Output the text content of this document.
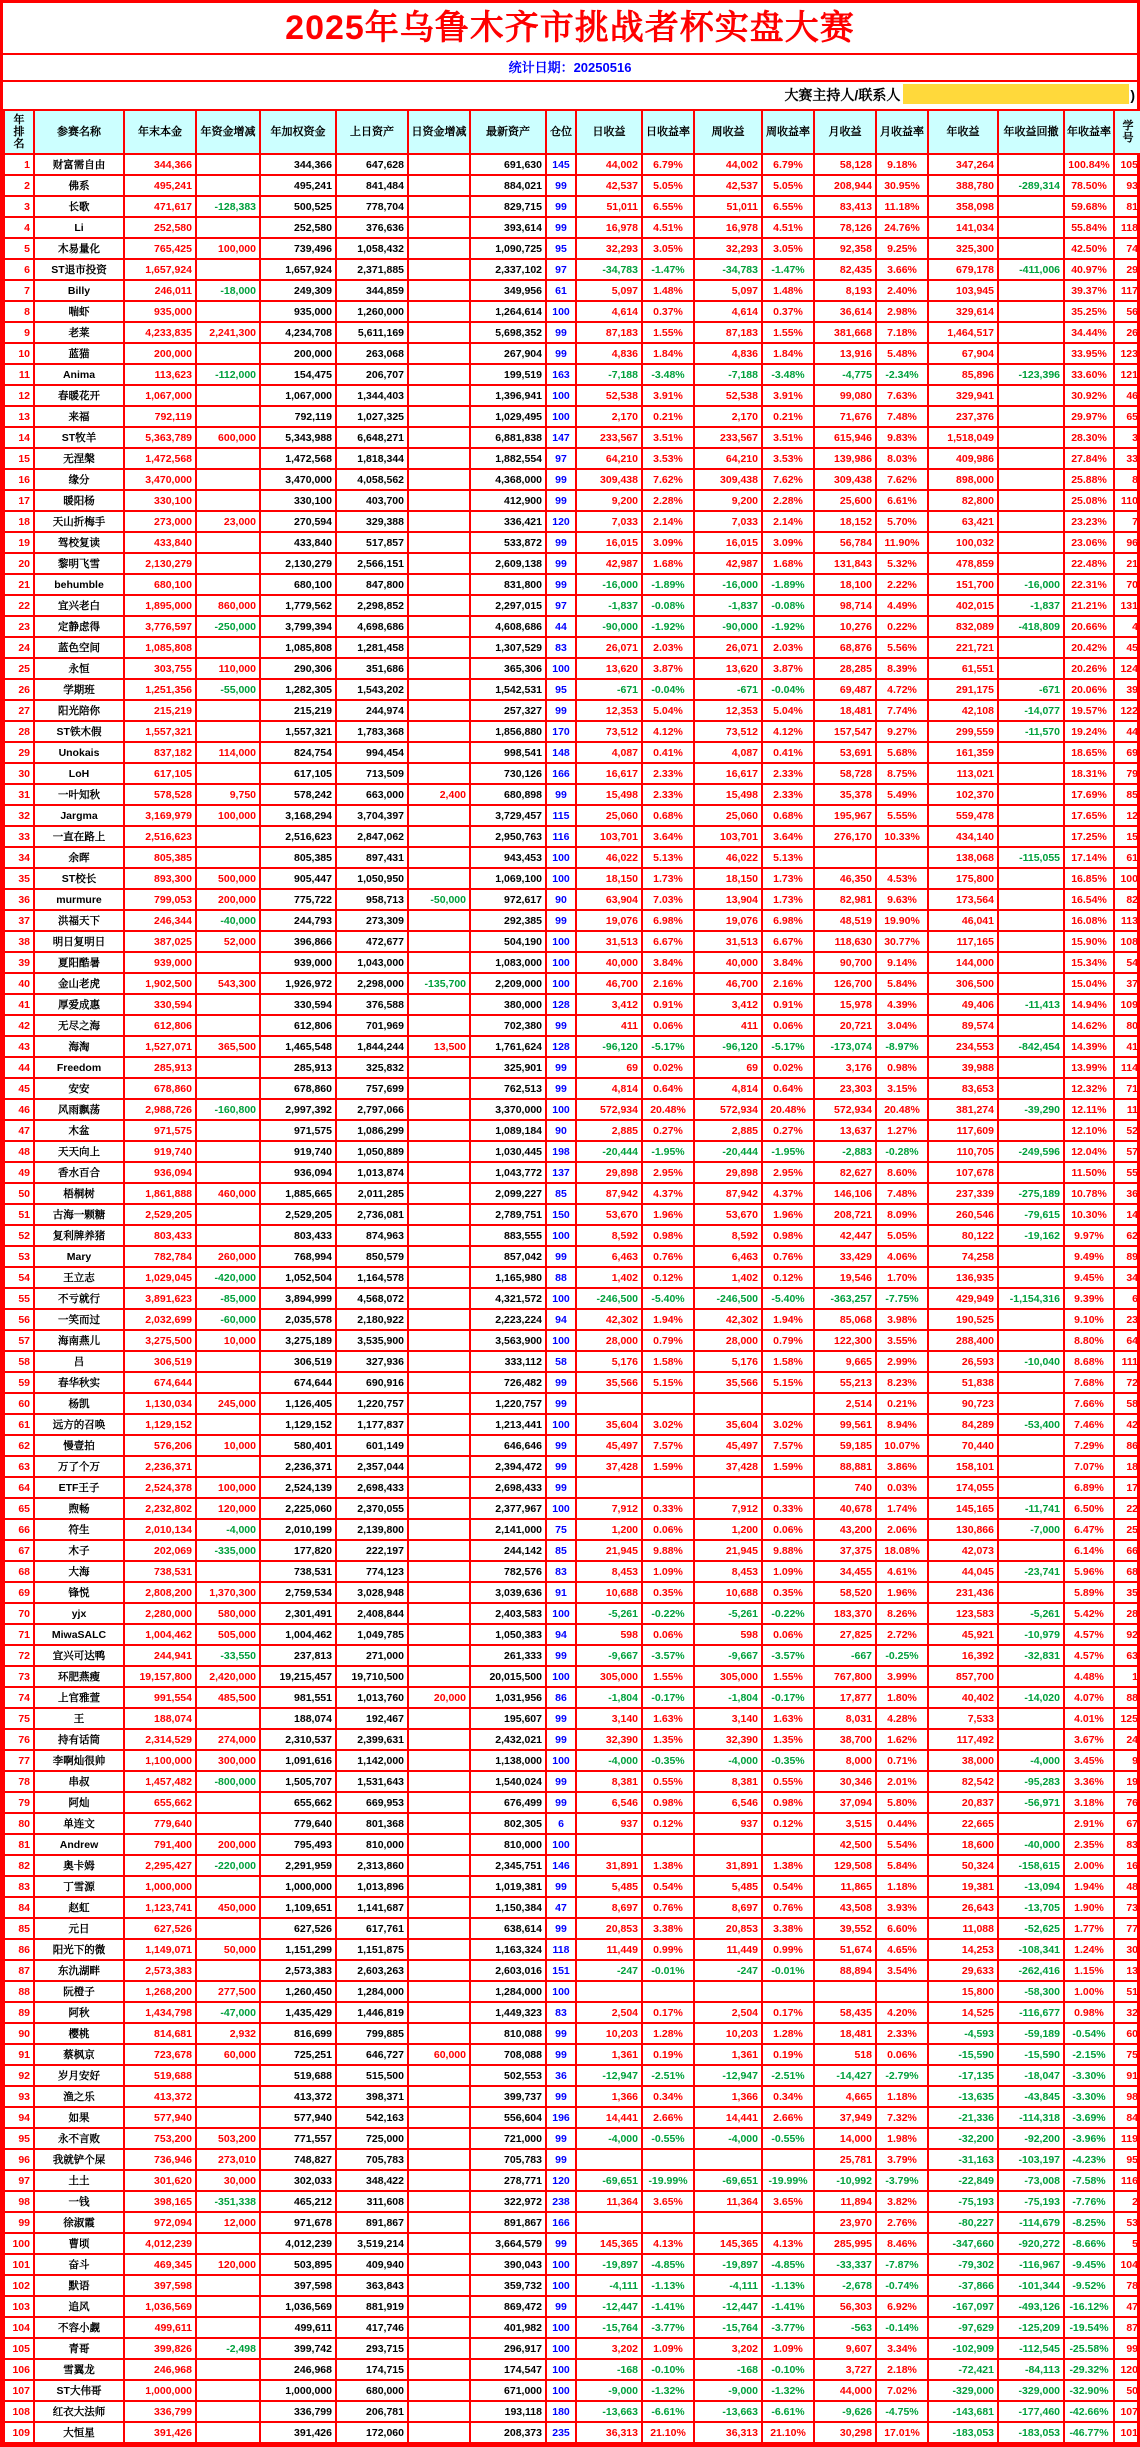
2025年乌鲁木齐市挑战者杯实盘大赛
统计日期：20250516
大赛主持人/联系人	)
年排名	参赛名称	年末本金	年资金增减	年加权资金	上日资产	日资金增减	最新资产	仓位	日收益	日收益率	周收益	周收益率	月收益	月收益率	年收益	年收益回撤	年收益率	学号
1	财富需自由	344,366		344,366	647,628		691,630	145	44,002	6.79%	44,002	6.79%	58,128	9.18%	347,264		100.84%	105
2	佛系	495,241		495,241	841,484		884,021	99	42,537	5.05%	42,537	5.05%	208,944	30.95%	388,780	-289,314	78.50%	93
3	长歌	471,617	-128,383	500,525	778,704		829,715	99	51,011	6.55%	51,011	6.55%	83,413	11.18%	358,098		59.68%	81
4	Li	252,580		252,580	376,636		393,614	99	16,978	4.51%	16,978	4.51%	78,126	24.76%	141,034		55.84%	118
5	木易量化	765,425	100,000	739,496	1,058,432		1,090,725	95	32,293	3.05%	32,293	3.05%	92,358	9.25%	325,300		42.50%	74
6	ST退市投资	1,657,924		1,657,924	2,371,885		2,337,102	97	-34,783	-1.47%	-34,783	-1.47%	82,435	3.66%	679,178	-411,006	40.97%	29
7	Billy	246,011	-18,000	249,309	344,859		349,956	61	5,097	1.48%	5,097	1.48%	8,193	2.40%	103,945		39.37%	117
8	喘虾	935,000		935,000	1,260,000		1,264,614	100	4,614	0.37%	4,614	0.37%	36,614	2.98%	329,614		35.25%	56
9	老莱	4,233,835	2,241,300	4,234,708	5,611,169		5,698,352	99	87,183	1.55%	87,183	1.55%	381,668	7.18%	1,464,517		34.44%	26
10	蓝猫	200,000		200,000	263,068		267,904	99	4,836	1.84%	4,836	1.84%	13,916	5.48%	67,904		33.95%	123
11	Anima	113,623	-112,000	154,475	206,707		199,519	163	-7,188	-3.48%	-7,188	-3.48%	-4,775	-2.34%	85,896	-123,396	33.60%	121
12	春暖花开	1,067,000		1,067,000	1,344,403		1,396,941	100	52,538	3.91%	52,538	3.91%	99,080	7.63%	329,941		30.92%	46
13	来福	792,119		792,119	1,027,325		1,029,495	100	2,170	0.21%	2,170	0.21%	71,676	7.48%	237,376		29.97%	65
14	ST牧羊	5,363,789	600,000	5,343,988	6,648,271		6,881,838	147	233,567	3.51%	233,567	3.51%	615,946	9.83%	1,518,049		28.30%	3
15	无涅槃	1,472,568		1,472,568	1,818,344		1,882,554	97	64,210	3.53%	64,210	3.53%	139,986	8.03%	409,986		27.84%	33
16	缘分	3,470,000		3,470,000	4,058,562		4,368,000	99	309,438	7.62%	309,438	7.62%	309,438	7.62%	898,000		25.88%	8
17	暖阳杨	330,100		330,100	403,700		412,900	99	9,200	2.28%	9,200	2.28%	25,600	6.61%	82,800		25.08%	110
18	天山折梅手	273,000	23,000	270,594	329,388		336,421	120	7,033	2.14%	7,033	2.14%	18,152	5.70%	63,421		23.23%	7
19	驾校复读	433,840		433,840	517,857		533,872	99	16,015	3.09%	16,015	3.09%	56,784	11.90%	100,032		23.06%	96
20	黎明飞雪	2,130,279		2,130,279	2,566,151		2,609,138	99	42,987	1.68%	42,987	1.68%	131,843	5.32%	478,859		22.48%	21
21	behumble	680,100		680,100	847,800		831,800	99	-16,000	-1.89%	-16,000	-1.89%	18,100	2.22%	151,700	-16,000	22.31%	70
22	宜兴老白	1,895,000	860,000	1,779,562	2,298,852		2,297,015	97	-1,837	-0.08%	-1,837	-0.08%	98,714	4.49%	402,015	-1,837	21.21%	131
23	定静虑得	3,776,597	-250,000	3,799,394	4,698,686		4,608,686	44	-90,000	-1.92%	-90,000	-1.92%	10,276	0.22%	832,089	-418,809	20.66%	4
24	蓝色空间	1,085,808		1,085,808	1,281,458		1,307,529	83	26,071	2.03%	26,071	2.03%	68,876	5.56%	221,721		20.42%	45
25	永恒	303,755	110,000	290,306	351,686		365,306	100	13,620	3.87%	13,620	3.87%	28,285	8.39%	61,551		20.26%	124
26	学期班	1,251,356	-55,000	1,282,305	1,543,202		1,542,531	95	-671	-0.04%	-671	-0.04%	69,487	4.72%	291,175	-671	20.06%	39
27	阳光陪你	215,219		215,219	244,974		257,327	99	12,353	5.04%	12,353	5.04%	18,481	7.74%	42,108	-14,077	19.57%	122
28	ST铁木假	1,557,321		1,557,321	1,783,368		1,856,880	170	73,512	4.12%	73,512	4.12%	157,547	9.27%	299,559	-11,570	19.24%	44
29	Unokais	837,182	114,000	824,754	994,454		998,541	148	4,087	0.41%	4,087	0.41%	53,691	5.68%	161,359		18.65%	69
30	LoH	617,105		617,105	713,509		730,126	166	16,617	2.33%	16,617	2.33%	58,728	8.75%	113,021		18.31%	79
31	一叶知秋	578,528	9,750	578,242	663,000	2,400	680,898	99	15,498	2.33%	15,498	2.33%	35,378	5.49%	102,370		17.69%	85
32	Jargma	3,169,979	100,000	3,168,294	3,704,397		3,729,457	115	25,060	0.68%	25,060	0.68%	195,967	5.55%	559,478		17.65%	12
33	一直在路上	2,516,623		2,516,623	2,847,062		2,950,763	116	103,701	3.64%	103,701	3.64%	276,170	10.33%	434,140		17.25%	15
34	余晖	805,385		805,385	897,431		943,453	100	46,022	5.13%	46,022	5.13%			138,068	-115,055	17.14%	61
35	ST校长	893,300	500,000	905,447	1,050,950		1,069,100	100	18,150	1.73%	18,150	1.73%	46,350	4.53%	175,800		16.85%	100
36	murmure	799,053	200,000	775,722	958,713	-50,000	972,617	90	63,904	7.03%	13,904	1.73%	82,981	9.63%	173,564		16.54%	82
37	洪福天下	246,344	-40,000	244,793	273,309		292,385	99	19,076	6.98%	19,076	6.98%	48,519	19.90%	46,041		16.08%	113
38	明日复明日	387,025	52,000	396,866	472,677		504,190	100	31,513	6.67%	31,513	6.67%	118,630	30.77%	117,165		15.90%	108
39	夏阳酷暑	939,000		939,000	1,043,000		1,083,000	100	40,000	3.84%	40,000	3.84%	90,700	9.14%	144,000		15.34%	54
40	金山老虎	1,902,500	543,300	1,926,972	2,298,000	-135,700	2,209,000	100	46,700	2.16%	46,700	2.16%	126,700	5.84%	306,500		15.04%	37
41	厚爱成惠	330,594		330,594	376,588		380,000	128	3,412	0.91%	3,412	0.91%	15,978	4.39%	49,406	-11,413	14.94%	109
42	无尽之海	612,806		612,806	701,969		702,380	99	411	0.06%	411	0.06%	20,721	3.04%	89,574		14.62%	80
43	海淘	1,527,071	365,500	1,465,548	1,844,244	13,500	1,761,624	128	-96,120	-5.17%	-96,120	-5.17%	-173,074	-8.97%	234,553	-842,454	14.39%	41
44	Freedom	285,913		285,913	325,832		325,901	99	69	0.02%	69	0.02%	3,176	0.98%	39,988		13.99%	114
45	安安	678,860		678,860	757,699		762,513	99	4,814	0.64%	4,814	0.64%	23,303	3.15%	83,653		12.32%	71
46	风雨飘荡	2,988,726	-160,800	2,997,392	2,797,066		3,370,000	100	572,934	20.48%	572,934	20.48%	572,934	20.48%	381,274	-39,290	12.11%	11
47	木盆	971,575		971,575	1,086,299		1,089,184	90	2,885	0.27%	2,885	0.27%	13,637	1.27%	117,609		12.10%	52
48	天天向上	919,740		919,740	1,050,889		1,030,445	198	-20,444	-1.95%	-20,444	-1.95%	-2,883	-0.28%	110,705	-249,596	12.04%	57
49	香水百合	936,094		936,094	1,013,874		1,043,772	137	29,898	2.95%	29,898	2.95%	82,627	8.60%	107,678		11.50%	55
50	梧桐树	1,861,888	460,000	1,885,665	2,011,285		2,099,227	85	87,942	4.37%	87,942	4.37%	146,106	7.48%	237,339	-275,189	10.78%	36
51	古海一颗糖	2,529,205		2,529,205	2,736,081		2,789,751	150	53,670	1.96%	53,670	1.96%	208,721	8.09%	260,546	-79,615	10.30%	14
52	复利牌养猪	803,433		803,433	874,963		883,555	100	8,592	0.98%	8,592	0.98%	42,447	5.05%	80,122	-19,162	9.97%	62
53	Mary	782,784	260,000	768,994	850,579		857,042	99	6,463	0.76%	6,463	0.76%	33,429	4.06%	74,258		9.49%	89
54	王立志	1,029,045	-420,000	1,052,504	1,164,578		1,165,980	88	1,402	0.12%	1,402	0.12%	19,546	1.70%	136,935		9.45%	34
55	不亏就行	3,891,623	-85,000	3,894,999	4,568,072		4,321,572	100	-246,500	-5.40%	-246,500	-5.40%	-363,257	-7.75%	429,949	-1,154,316	9.39%	6
56	一笑而过	2,032,699	-60,000	2,035,578	2,180,922		2,223,224	94	42,302	1.94%	42,302	1.94%	85,068	3.98%	190,525		9.10%	23
57	海南燕儿	3,275,500	10,000	3,275,189	3,535,900		3,563,900	100	28,000	0.79%	28,000	0.79%	122,300	3.55%	288,400		8.80%	64
58	吕	306,519		306,519	327,936		333,112	58	5,176	1.58%	5,176	1.58%	9,665	2.99%	26,593	-10,040	8.68%	111
59	春华秋实	674,644		674,644	690,916		726,482	99	35,566	5.15%	35,566	5.15%	55,213	8.23%	51,838		7.68%	72
60	杨凯	1,130,034	245,000	1,126,405	1,220,757		1,220,757	99					2,514	0.21%	90,723		7.66%	58
61	远方的召唤	1,129,152		1,129,152	1,177,837		1,213,441	100	35,604	3.02%	35,604	3.02%	99,561	8.94%	84,289	-53,400	7.46%	42
62	慢壹拍	576,206	10,000	580,401	601,149		646,646	99	45,497	7.57%	45,497	7.57%	59,185	10.07%	70,440		7.29%	86
63	万了个万	2,236,371		2,236,371	2,357,044		2,394,472	99	37,428	1.59%	37,428	1.59%	88,881	3.86%	158,101		7.07%	18
64	ETF王子	2,524,378	100,000	2,524,139	2,698,433		2,698,433	99					740	0.03%	174,055		6.89%	17
65	煦畅	2,232,802	120,000	2,225,060	2,370,055		2,377,967	100	7,912	0.33%	7,912	0.33%	40,678	1.74%	145,165	-11,741	6.50%	22
66	符生	2,010,134	-4,000	2,010,199	2,139,800		2,141,000	75	1,200	0.06%	1,200	0.06%	43,200	2.06%	130,866	-7,000	6.47%	25
67	木子	202,069	-335,000	177,820	222,197		244,142	85	21,945	9.88%	21,945	9.88%	37,375	18.08%	42,073		6.14%	66
68	大海	738,531		738,531	774,123		782,576	83	8,453	1.09%	8,453	1.09%	34,455	4.61%	44,045	-23,741	5.96%	68
69	锋悦	2,808,200	1,370,300	2,759,534	3,028,948		3,039,636	91	10,688	0.35%	10,688	0.35%	58,520	1.96%	231,436		5.89%	35
70	yjx	2,280,000	580,000	2,301,491	2,408,844		2,403,583	100	-5,261	-0.22%	-5,261	-0.22%	183,370	8.26%	123,583	-5,261	5.42%	28
71	MiwaSALC	1,004,462	505,000	1,004,462	1,049,785		1,050,383	94	598	0.06%	598	0.06%	27,825	2.72%	45,921	-10,979	4.57%	92
72	宜兴可达鸭	244,941	-33,550	237,813	271,000		261,333	99	-9,667	-3.57%	-9,667	-3.57%	-667	-0.25%	16,392	-32,831	4.57%	63
73	环肥燕瘦	19,157,800	2,420,000	19,215,457	19,710,500		20,015,500	100	305,000	1.55%	305,000	1.55%	767,800	3.99%	857,700		4.48%	1
74	上官雅萱	991,554	485,500	981,551	1,013,760	20,000	1,031,956	86	-1,804	-0.17%	-1,804	-0.17%	17,877	1.80%	40,402	-14,020	4.07%	88
75	王	188,074		188,074	192,467		195,607	99	3,140	1.63%	3,140	1.63%	8,031	4.28%	7,533		4.01%	125
76	持有话筒	2,314,529	274,000	2,310,537	2,399,631		2,432,021	99	32,390	1.35%	32,390	1.35%	38,700	1.62%	117,492		3.67%	24
77	李啊灿很帅	1,100,000	300,000	1,091,616	1,142,000		1,138,000	100	-4,000	-0.35%	-4,000	-0.35%	8,000	0.71%	38,000	-4,000	3.45%	9
78	串叔	1,457,482	-800,000	1,505,707	1,531,643		1,540,024	99	8,381	0.55%	8,381	0.55%	30,346	2.01%	82,542	-95,283	3.36%	19
79	阿灿	655,662		655,662	669,953		676,499	99	6,546	0.98%	6,546	0.98%	37,094	5.80%	20,837	-56,971	3.18%	76
80	单连文	779,640		779,640	801,368		802,305	6	937	0.12%	937	0.12%	3,515	0.44%	22,665		2.91%	67
81	Andrew	791,400	200,000	795,493	810,000		810,000	100					42,500	5.54%	18,600	-40,000	2.35%	83
82	奥卡姆	2,295,427	-220,000	2,291,959	2,313,860		2,345,751	146	31,891	1.38%	31,891	1.38%	129,508	5.84%	50,324	-158,615	2.00%	16
83	丁雪源	1,000,000		1,000,000	1,013,896		1,019,381	99	5,485	0.54%	5,485	0.54%	11,865	1.18%	19,381	-13,094	1.94%	48
84	赵虹	1,123,741	450,000	1,109,651	1,141,687		1,150,384	47	8,697	0.76%	8,697	0.76%	43,508	3.93%	26,643	-13,705	1.90%	73
85	元日	627,526		627,526	617,761		638,614	99	20,853	3.38%	20,853	3.38%	39,552	6.60%	11,088	-52,625	1.77%	77
86	阳光下的微	1,149,071	50,000	1,151,299	1,151,875		1,163,324	118	11,449	0.99%	11,449	0.99%	51,674	4.65%	14,253	-108,341	1.24%	30
87	东氿湖畔	2,573,383		2,573,383	2,603,263		2,603,016	151	-247	-0.01%	-247	-0.01%	88,894	3.54%	29,633	-262,416	1.15%	13
88	阮橙子	1,268,200	277,500	1,260,450	1,284,000		1,284,000	100							15,800	-58,300	1.00%	51
89	阿秋	1,434,798	-47,000	1,435,429	1,446,819		1,449,323	83	2,504	0.17%	2,504	0.17%	58,435	4.20%	14,525	-116,677	0.98%	32
90	樱桃	814,681	2,932	816,699	799,885		810,088	99	10,203	1.28%	10,203	1.28%	18,481	2.33%	-4,593	-59,189	-0.54%	60
91	蔡枫京	723,678	60,000	725,251	646,727	60,000	708,088	99	1,361	0.19%	1,361	0.19%	518	0.06%	-15,590	-15,590	-2.15%	75
92	岁月安好	519,688		519,688	515,500		502,553	36	-12,947	-2.51%	-12,947	-2.51%	-14,427	-2.79%	-17,135	-18,047	-3.30%	91
93	渔之乐	413,372		413,372	398,371		399,737	99	1,366	0.34%	1,366	0.34%	4,665	1.18%	-13,635	-43,845	-3.30%	98
94	如果	577,940		577,940	542,163		556,604	196	14,441	2.66%	14,441	2.66%	37,949	7.32%	-21,336	-114,318	-3.69%	84
95	永不言败	753,200	503,200	771,557	725,000		721,000	99	-4,000	-0.55%	-4,000	-0.55%	14,000	1.98%	-32,200	-92,200	-3.96%	119
96	我就铲个屎	736,946	273,010	748,827	705,783		705,783	99					25,781	3.79%	-31,163	-103,197	-4.23%	95
97	土土	301,620	30,000	302,033	348,422		278,771	120	-69,651	-19.99%	-69,651	-19.99%	-10,992	-3.79%	-22,849	-73,008	-7.58%	116
98	一钱	398,165	-351,338	465,212	311,608		322,972	238	11,364	3.65%	11,364	3.65%	11,894	3.82%	-75,193	-75,193	-7.76%	2
99	徐淑霞	972,094	12,000	971,678	891,867		891,867	166					23,970	2.76%	-80,227	-114,679	-8.25%	53
100	曹顷	4,012,239		4,012,239	3,519,214		3,664,579	99	145,365	4.13%	145,365	4.13%	285,995	8.46%	-347,660	-920,272	-8.66%	5
101	奋斗	469,345	120,000	503,895	409,940		390,043	100	-19,897	-4.85%	-19,897	-4.85%	-33,337	-7.87%	-79,302	-116,967	-9.45%	104
102	默语	397,598		397,598	363,843		359,732	100	-4,111	-1.13%	-4,111	-1.13%	-2,678	-0.74%	-37,866	-101,344	-9.52%	78
103	追风	1,036,569		1,036,569	881,919		869,472	99	-12,447	-1.41%	-12,447	-1.41%	56,303	6.92%	-167,097	-493,126	-16.12%	47
104	不容小觑	499,611		499,611	417,746		401,982	100	-15,764	-3.77%	-15,764	-3.77%	-563	-0.14%	-97,629	-125,209	-19.54%	87
105	青哥	399,826	-2,498	399,742	293,715		296,917	100	3,202	1.09%	3,202	1.09%	9,607	3.34%	-102,909	-112,545	-25.58%	99
106	雪翼龙	246,968		246,968	174,715		174,547	100	-168	-0.10%	-168	-0.10%	3,727	2.18%	-72,421	-84,113	-29.32%	120
107	ST大伟哥	1,000,000		1,000,000	680,000		671,000	100	-9,000	-1.32%	-9,000	-1.32%	44,000	7.02%	-329,000	-329,000	-32.90%	50
108	红衣大法师	336,799		336,799	206,781		193,118	180	-13,663	-6.61%	-13,663	-6.61%	-9,626	-4.75%	-143,681	-177,460	-42.66%	107
109	大恒星	391,426		391,426	172,060		208,373	235	36,313	21.10%	36,313	21.10%	30,298	17.01%	-183,053	-183,053	-46.77%	101
